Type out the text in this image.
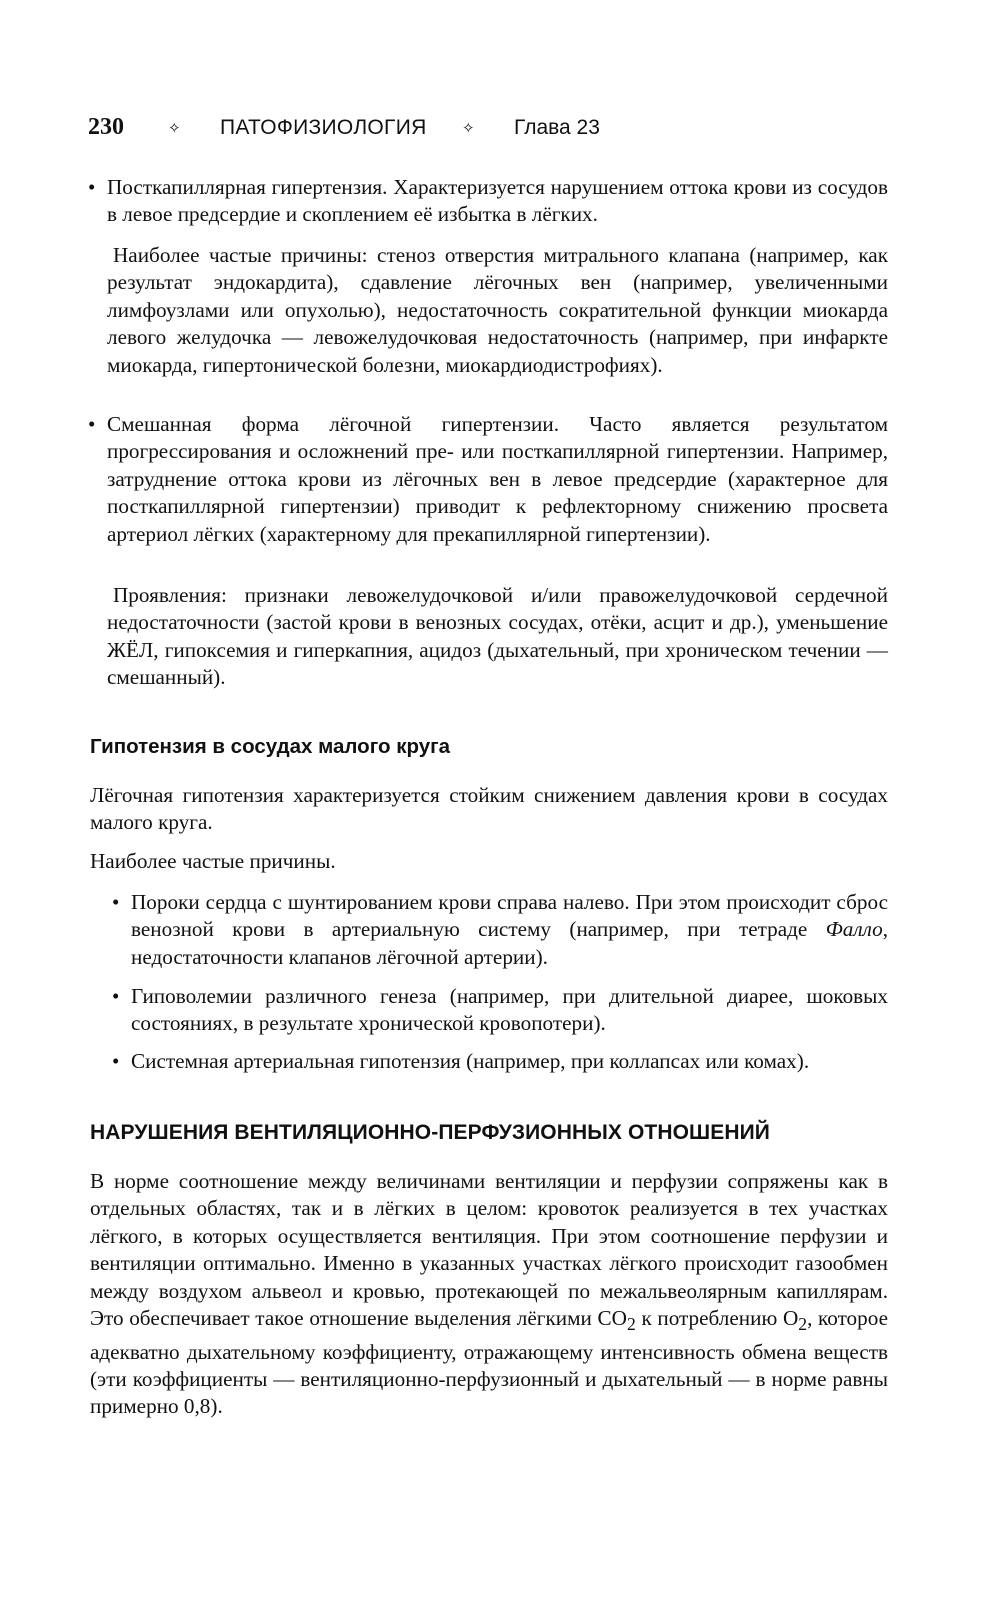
230	✧	ПАТОФИЗИОЛОГИЯ	✧	Глава 23
• Посткапиллярная гипертензия. Характеризуется нарушением оттока крови из сосудов в левое предсердие и скоплением её избытка в лёгких.

Наиболее частые причины: стеноз отверстия митрального клапана (например, как результат эндокардита), сдавление лёгочных вен (например, увеличенными лимфоузлами или опухолью), недостаточность сократительной функции миокарда левого желудочка — левожелудочковая недостаточность (например, при инфаркте миокарда, гипертонической болезни, миокардиодистрофиях).

• Смешанная форма лёгочной гипертензии. Часто является результатом прогрессирования и осложнений пре- или посткапиллярной гипертензии. Например, затруднение оттока крови из лёгочных вен в левое предсердие (характерное для посткапиллярной гипертензии) приводит к рефлекторному снижению просвета артериол лёгких (характерному для прекапиллярной гипертензии).

Проявления: признаки левожелудочковой и/или правожелудочковой сердечной недостаточности (застой крови в венозных сосудах, отёки, асцит и др.), уменьшение ЖЁЛ, гипоксемия и гиперкапния, ацидоз (дыхательный, при хроническом течении — смешанный).

Гипотензия в сосудах малого круга

Лёгочная гипотензия характеризуется стойким снижением давления крови в сосудах малого круга.

Наиболее частые причины.

• Пороки сердца с шунтированием крови справа налево. При этом происходит сброс венозной крови в артериальную систему (например, при тетраде Фалло, недостаточности клапанов лёгочной артерии).

• Гиповолемии различного генеза (например, при длительной диарее, шоковых состояниях, в результате хронической кровопотери).

• Системная артериальная гипотензия (например, при коллапсах или комах).

НАРУШЕНИЯ ВЕНТИЛЯЦИОННО-ПЕРФУЗИОННЫХ ОТНОШЕНИЙ

В норме соотношение между величинами вентиляции и перфузии сопряжены как в отдельных областях, так и в лёгких в целом: кровоток реализуется в тех участках лёгкого, в которых осуществляется вентиляция. При этом соотношение перфузии и вентиляции оптимально. Именно в указанных участках лёгкого происходит газообмен между воздухом альвеол и кровью, протекающей по межальвеолярным капиллярам. Это обеспечивает такое отношение выделения лёгкими $CO_2$ к потреблению $O_2$, которое адекватно дыхательному коэффициенту, отражающему интенсивность обмена веществ (эти коэффициенты — вентиляционно-перфузионный и дыхательный — в норме равны примерно 0,8).
